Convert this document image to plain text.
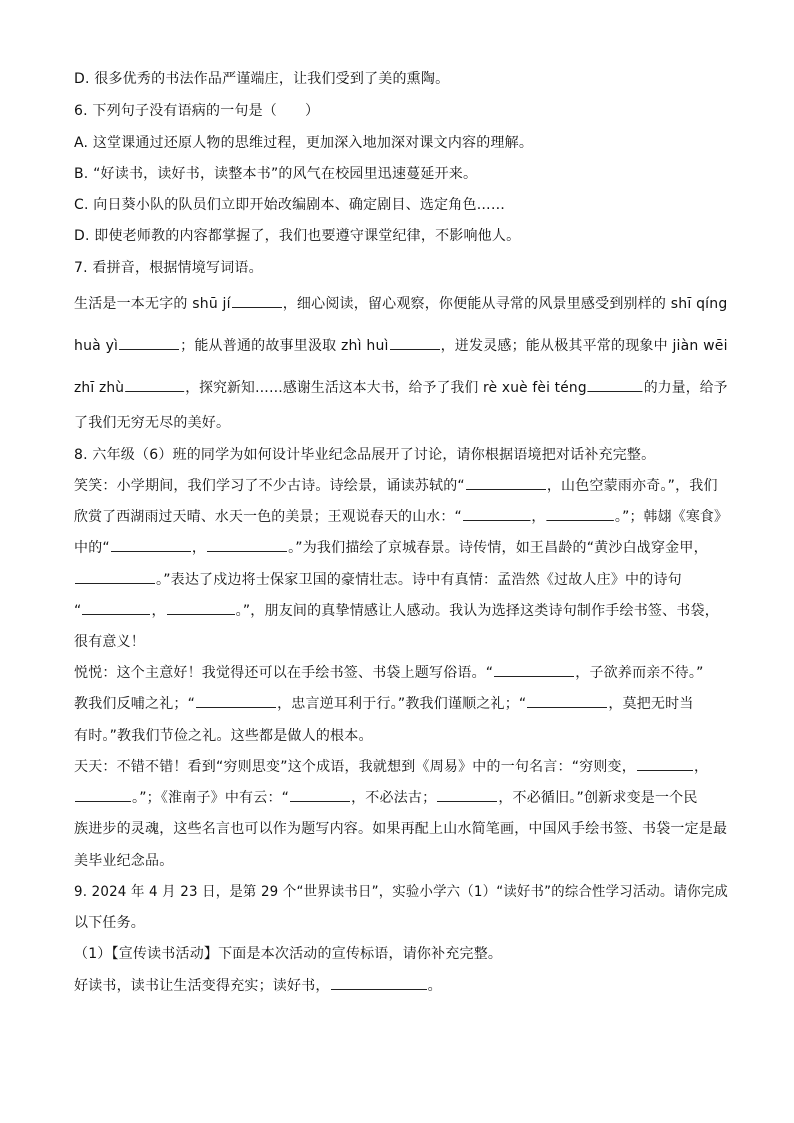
D. 很多优秀的书法作品严谨端庄，让我们受到了美的熏陶。
6. 下列句子没有语病的一句是（ ）
A. 这堂课通过还原人物的思维过程，更加深入地加深对课文内容的理解。
B. “好读书，读好书，读整本书”的风气在校园里迅速蔓延开来。
C. 向日葵小队的队员们立即开始改编剧本、确定剧目、选定角色……
D. 即使老师教的内容都掌握了，我们也要遵守课堂纪律，不影响他人。
7. 看拼音，根据情境写词语。
生活是一本无字的 shū jí	，细心阅读，留心观察，你便能从寻常的风景里感受到别样的 shī qíng
huà yì	；能从普通的故事里汲取 zhì huì	，迸发灵感；能从极其平常的现象中 jiàn wēi
zhī zhù	，探究新知……感谢生活这本大书，给予了我们 rè xuè fèi téng	的力量，给予
了我们无穷无尽的美好。
8. 六年级（6）班的同学为如何设计毕业纪念品展开了讨论，请你根据语境把对话补充完整。
笑笑：小学期间，我们学习了不少古诗。诗绘景，诵读苏轼的“	，山色空蒙雨亦奇。”，我们
欣赏了西湖雨过天晴、水天一色的美景；王观说春天的山水：“	，	。”；韩翃《寒食》
中的“	，	。”为我们描绘了京城春景。诗传情，如王昌龄的“黄沙白战穿金甲，
。”表达了戍边将士保家卫国的豪情壮志。诗中有真情：孟浩然《过故人庄》中的诗句
“	，	。”，朋友间的真挚情感让人感动。我认为选择这类诗句制作手绘书签、书袋，
很有意义！
悦悦：这个主意好！我觉得还可以在手绘书签、书袋上题写俗语。“	，子欲养而亲不待。”
教我们反哺之礼；“	，忠言逆耳利于行。”教我们谨顺之礼；“	，莫把无时当
有时。”教我们节俭之礼。这些都是做人的根本。
天天：不错不错！看到“穷则思变”这个成语，我就想到《周易》中的一句名言：“穷则变，	，
。”；《淮南子》中有云：“	，不必法古；	，不必循旧。”创新求变是一个民
族进步的灵魂，这些名言也可以作为题写内容。如果再配上山水简笔画，中国风手绘书签、书袋一定是最
美毕业纪念品。
9. 2024 年 4 月 23 日，是第 29 个“世界读书日”，实验小学六（1）“读好书”的综合性学习活动。请你完成
以下任务。
（1）【宣传读书活动】下面是本次活动的宣传标语，请你补充完整。
好读书，读书让生活变得充实；读好书，	。
